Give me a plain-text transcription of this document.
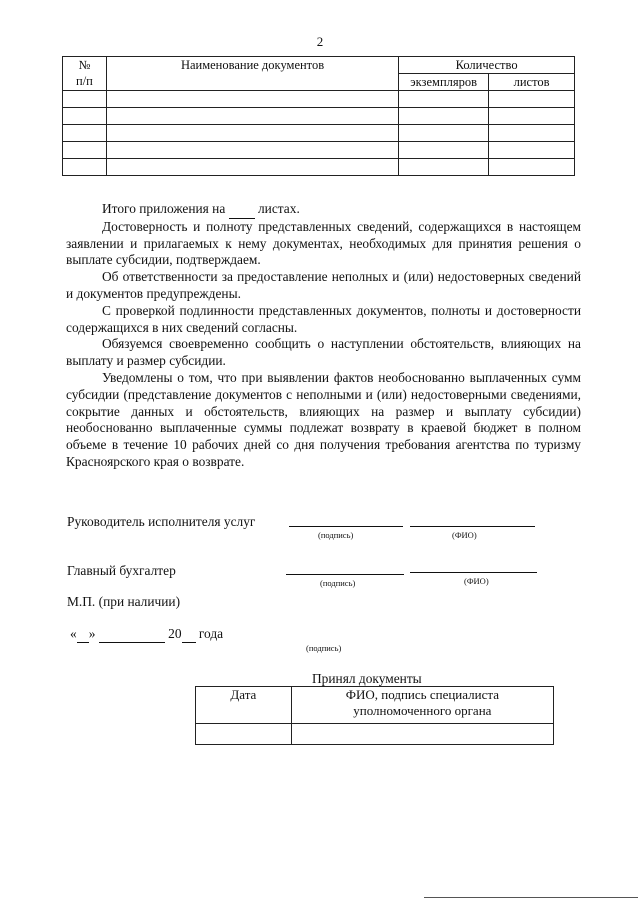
2
№
п/п	Наименование документов	Количество	
		экземпляров	листов

Итого приложения на листах.

Достоверность и полноту представленных сведений, содержащихся в настоящем заявлении и прилагаемых к нему документах, необходимых для принятия решения о выплате субсидии, подтверждаем.

Об ответственности за предоставление неполных и (или) недостоверных сведений и документов предупреждены.

С проверкой подлинности представленных документов, полноты и достоверности содержащихся в них сведений согласны.

Обязуемся своевременно сообщить о наступлении обстоятельств, влияющих на выплату и размер субсидии.

Уведомлены о том, что при выявлении фактов необоснованно выплаченных сумм субсидии (представление документов с неполными и (или) недостоверными сведениями, сокрытие данных и обстоятельств, влияющих на размер и выплату субсидии) необоснованно выплаченные суммы подлежат возврату в краевой бюджет в полном объеме в течение 10 рабочих дней со дня получения требования агентства по туризму Красноярского края о возврате.

Руководитель исполнителя услуг
(подпись)	(ФИО)
Главный бухгалтер
(подпись)	(ФИО)
М.П. (при наличии)
« »	20 года
(подпись)
Принял документы
Дата	ФИО, подпись специалиста
уполномоченного органа
